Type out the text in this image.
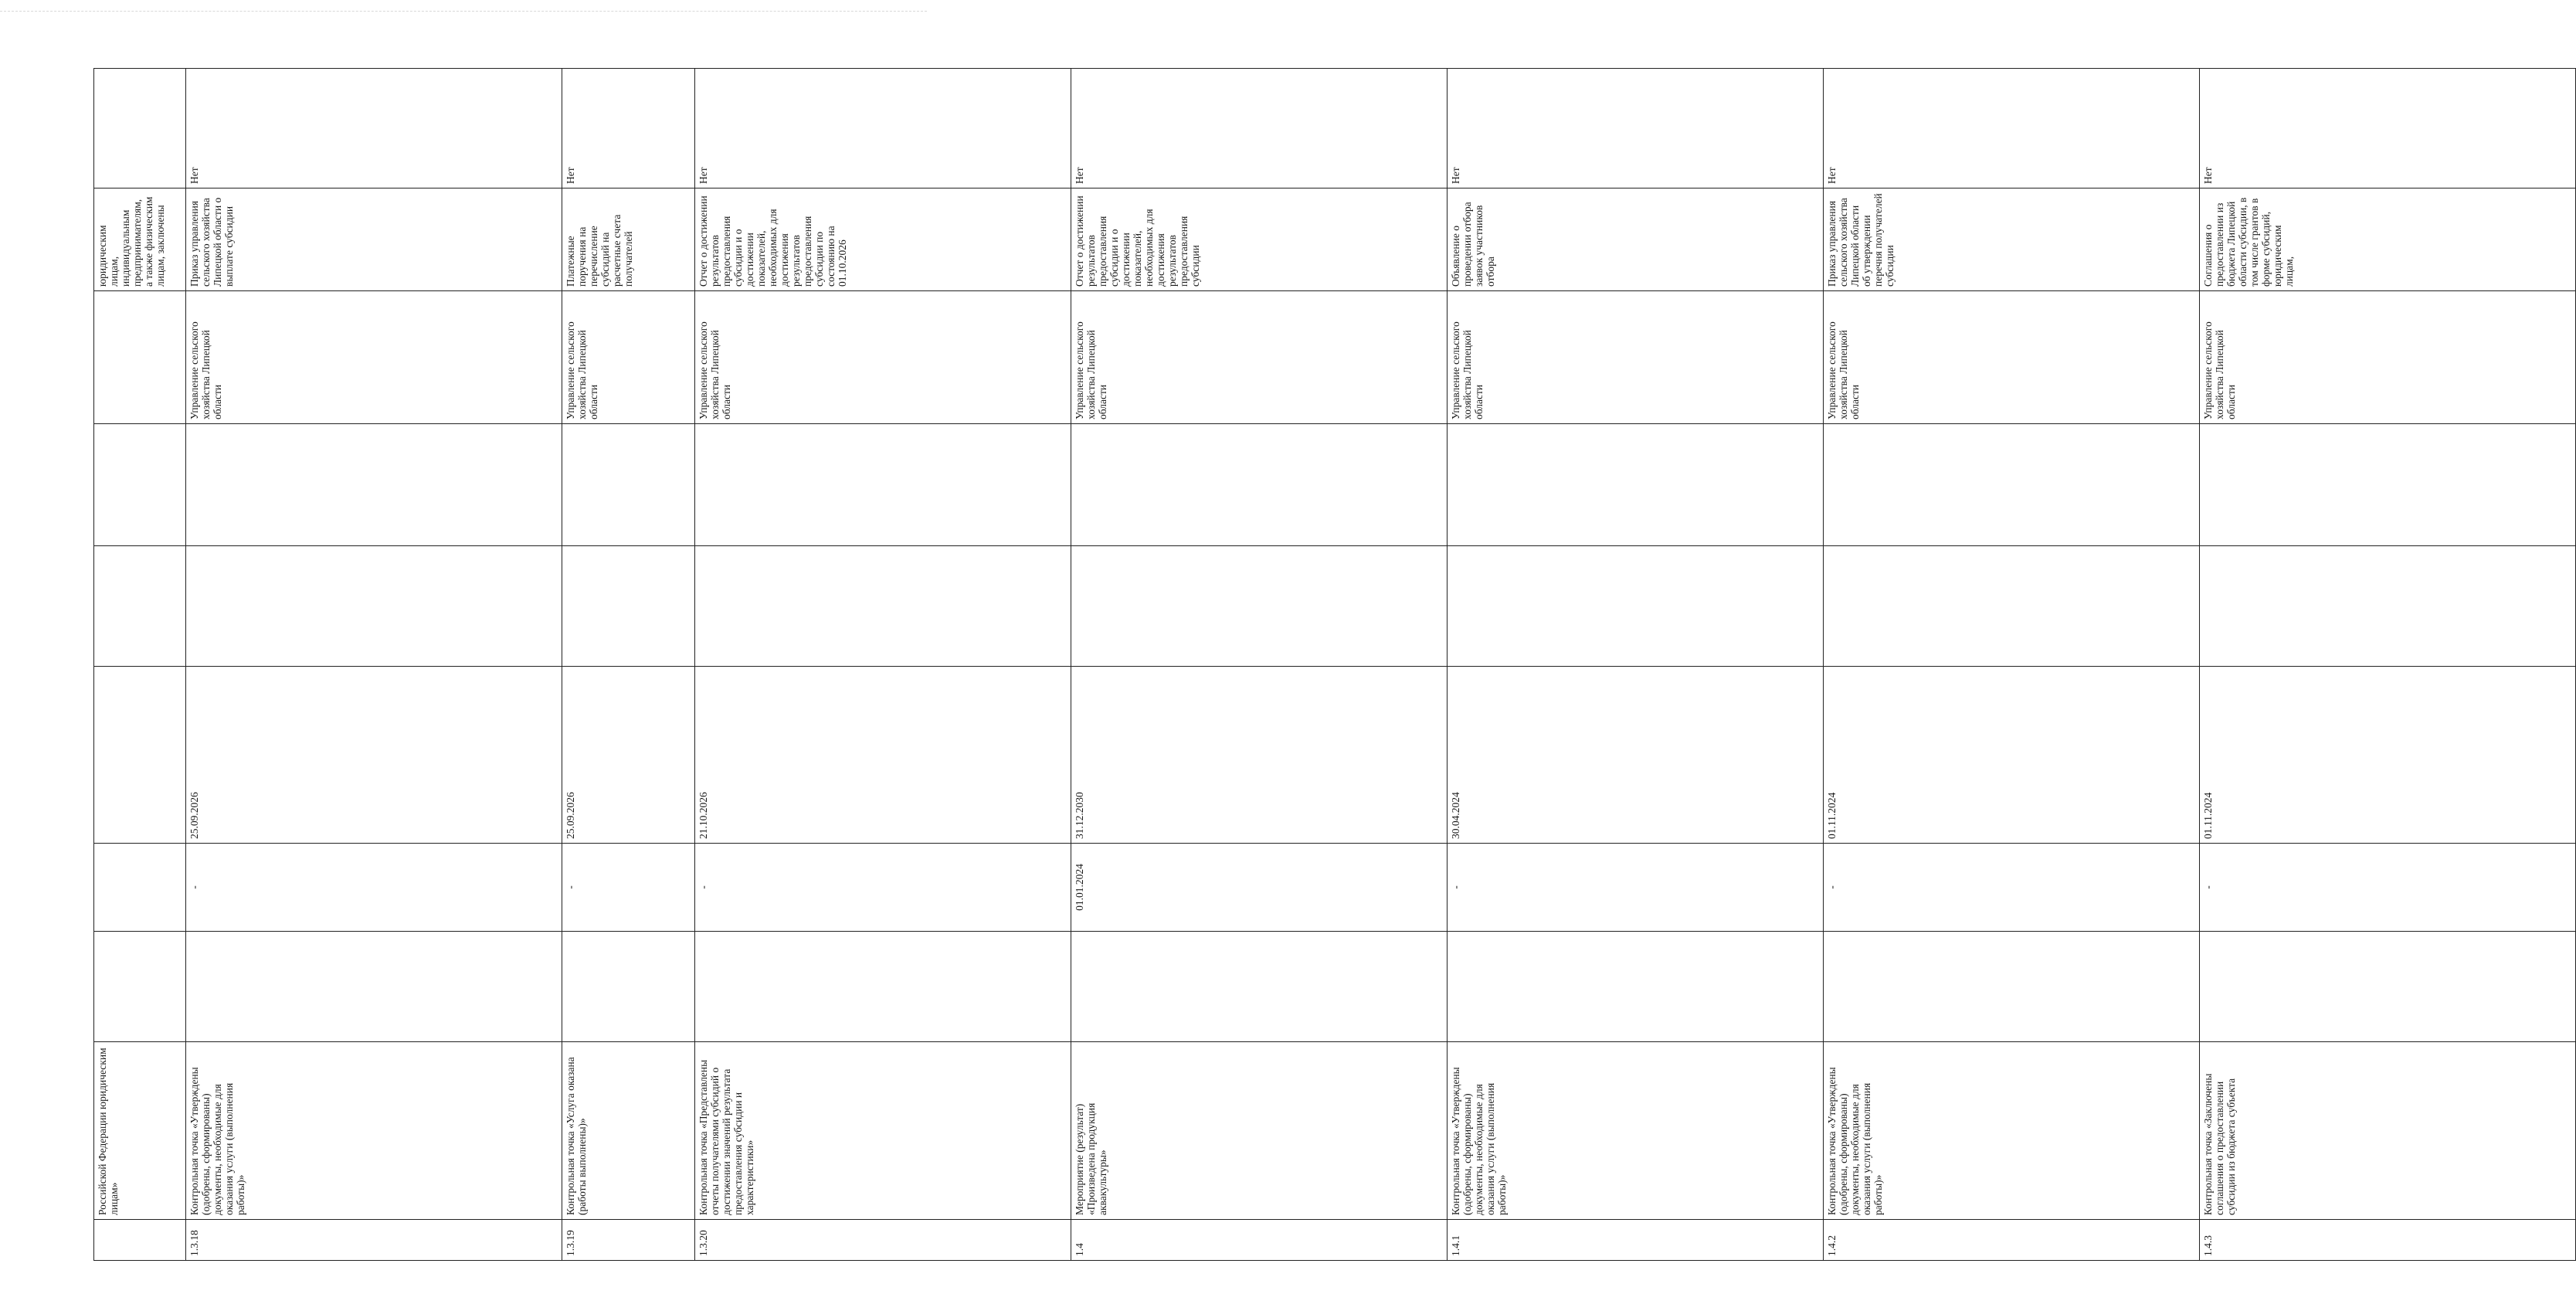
	Российской Федерации юридическим лицам»							юридическим лицам, индивидуальным предпринимателям, а также физическим лицам, заключены		
1.3.18	Контрольная точка «Утверждены (одобрены, сформированы) документы, необходимые для оказания услуги (выполнения работы)»		-	25.09.2026			Управление сельского хозяйства Липецкой области	Приказ управления сельского хозяйства Липецкой области о выплате субсидии	Нет	
1.3.19	Контрольная точка «Услуга оказана (работы выполнены)»		-	25.09.2026			Управление сельского хозяйства Липецкой области	Платежные поручения на перечисление субсидий на расчетные счета получателей	Нет	
1.3.20	Контрольная точка «Представлены отчеты получателями субсидий о достижении значений результата предоставления субсидии и характеристики»		-	21.10.2026			Управление сельского хозяйства Липецкой области	Отчет о достижении результатов предоставления субсидии и о достижении показателей, необходимых для достижения результатов предоставления субсидии по состоянию на 01.10.2026	Нет	
1.4	Мероприятие (результат) «Произведена продукция аквакультуры»		01.01.2024	31.12.2030			Управление сельского хозяйства Липецкой области	Отчет о достижении результатов предоставления субсидии и о достижении показателей, необходимых для достижения результатов предоставления субсидии	Нет	
1.4.1	Контрольная точка «Утверждены (одобрены, сформированы) документы, необходимые для оказания услуги (выполнения работы)»		-	30.04.2024			Управление сельского хозяйства Липецкой области	Объявление о проведении отбора заявок участников отбора	Нет	
1.4.2	Контрольная точка «Утверждены (одобрены, сформированы) документы, необходимые для оказания услуги (выполнения работы)»		-	01.11.2024			Управление сельского хозяйства Липецкой области	Приказ управления сельского хозяйства Липецкой области об утверждении перечня получателей субсидии	Нет	
1.4.3	Контрольная точка «Заключены соглашения о предоставлении субсидии из бюджета субъекта		-	01.11.2024			Управление сельского хозяйства Липецкой области	Соглашения о предоставлении из бюджета Липецкой области субсидии, в том числе грантов в форме субсидий, юридическим лицам,	Нет	
